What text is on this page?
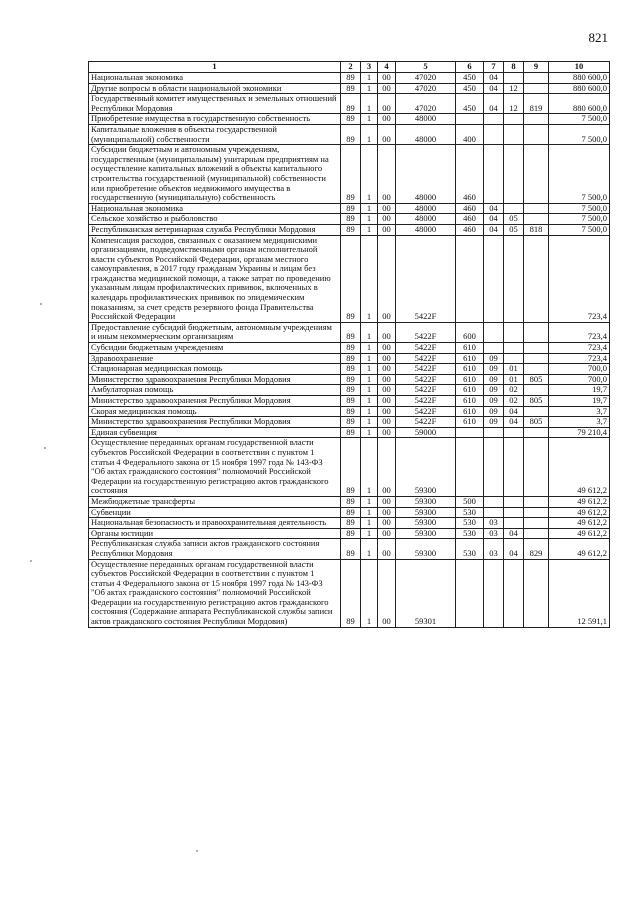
821
1	2	3	4	5	6	7	8	9	10
Национальная экономика	89	1	00	47020	450	04			880 600,0
Другие вопросы в области национальной экономики	89	1	00	47020	450	04	12		880 600,0
Государственный комитет имущественных и земельных отношений Республики Мордовия	89	1	00	47020	450	04	12	819	880 600,0
Приобретение имущества в государственную собственность	89	1	00	48000					7 500,0
Капитальные вложения в объекты государственной (муниципальной) собственности	89	1	00	48000	400				7 500,0
Субсидии бюджетным и автономным учреждениям, государственным (муниципальным) унитарным предприятиям на осуществление капитальных вложений в объекты капитального строительства государственной (муниципальной) собственности или приобретение объектов недвижимого имущества в государственную (муниципальную) собственность	89	1	00	48000	460				7 500,0
Национальная экономика	89	1	00	48000	460	04			7 500,0
Сельское хозяйство и рыболовство	89	1	00	48000	460	04	05		7 500,0
Республиканская ветеринарная служба Республики Мордовия	89	1	00	48000	460	04	05	818	7 500,0
Компенсация расходов, связанных с оказанием медицинскими организациями, подведомственными органам исполнительной власти субъектов Российской Федерации, органам местного самоуправления, в 2017 году гражданам Украины и лицам без гражданства медицинской помощи, а также затрат по проведению указанным лицам профилактических прививок, включенных в календарь профилактических прививок по эпидемическим показаниям, за счет средств резервного фонда Правительства Российской Федерации	89	1	00	5422F					723,4
Предоставление субсидий бюджетным, автономным учреждениям и иным некоммерческим организациям	89	1	00	5422F	600				723,4
Субсидии бюджетным учреждениям	89	1	00	5422F	610				723,4
Здравоохранение	89	1	00	5422F	610	09			723,4
Стационарная медицинская помощь	89	1	00	5422F	610	09	01		700,0
Министерство здравоохранения Республики Мордовия	89	1	00	5422F	610	09	01	805	700,0
Амбулаторная помощь	89	1	00	5422F	610	09	02		19,7
Министерство здравоохранения Республики Мордовия	89	1	00	5422F	610	09	02	805	19,7
Скорая медицинская помощь	89	1	00	5422F	610	09	04		3,7
Министерство здравоохранения Республики Мордовия	89	1	00	5422F	610	09	04	805	3,7
Единая субвенция	89	1	00	59000					79 210,4
Осуществление переданных органам государственной власти субъектов Российской Федерации в соответствии с пунктом 1 статьи 4 Федерального закона от 15 ноября 1997 года № 143-ФЗ "Об актах гражданского состояния" полномочий Российской Федерации на государственную регистрацию актов гражданского состояния	89	1	00	59300					49 612,2
Межбюджетные трансферты	89	1	00	59300	500				49 612,2
Субвенции	89	1	00	59300	530				49 612,2
Национальная безопасность и правоохранительная деятельность	89	1	00	59300	530	03			49 612,2
Органы юстиции	89	1	00	59300	530	03	04		49 612,2
Республиканская служба записи актов гражданского состояния Республики Мордовия	89	1	00	59300	530	03	04	829	49 612,2
Осуществление переданных органам государственной власти субъектов Российской Федерации в соответствии с пунктом 1 статьи 4 Федерального закона от 15 ноября 1997 года № 143-ФЗ "Об актах гражданского состояния" полномочий Российской Федерации на государственную регистрацию актов гражданского состояния (Содержание аппарата Республиканской службы записи актов гражданского состояния Республики Мордовия)	89	1	00	59301					12 591,1
